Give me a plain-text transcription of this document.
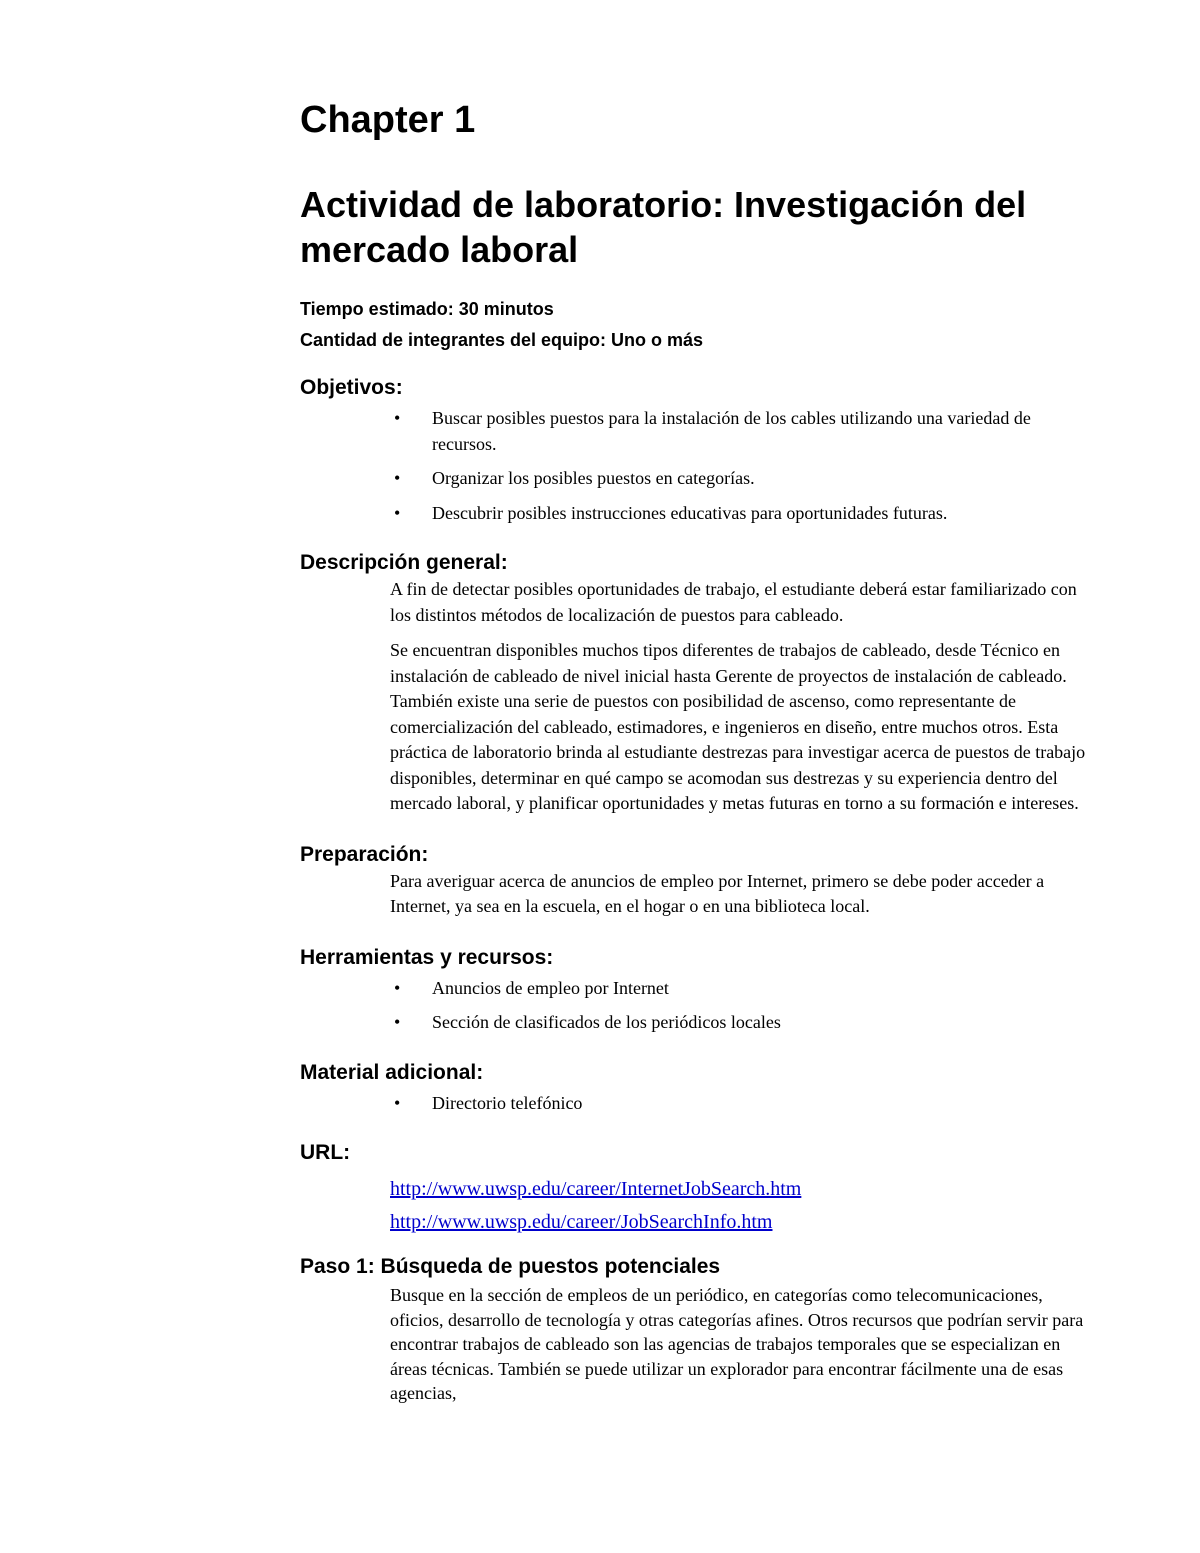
Chapter 1
Actividad de laboratorio: Investigación del mercado laboral

Tiempo estimado: 30 minutos

Cantidad de integrantes del equipo: Uno o más

Objetivos:
• Buscar posibles puestos para la instalación de los cables utilizando una variedad de recursos.
• Organizar los posibles puestos en categorías.
• Descubrir posibles instrucciones educativas para oportunidades futuras.
Descripción general:

A fin de detectar posibles oportunidades de trabajo, el estudiante deberá estar familiarizado con los distintos métodos de localización de puestos para cableado.

Se encuentran disponibles muchos tipos diferentes de trabajos de cableado, desde Técnico en instalación de cableado de nivel inicial hasta Gerente de proyectos de instalación de cableado. También existe una serie de puestos con posibilidad de ascenso, como representante de comercialización del cableado, estimadores, e ingenieros en diseño, entre muchos otros. Esta práctica de laboratorio brinda al estudiante destrezas para investigar acerca de puestos de trabajo disponibles, determinar en qué campo se acomodan sus destrezas y su experiencia dentro del mercado laboral, y planificar oportunidades y metas futuras en torno a su formación e intereses.

Preparación:

Para averiguar acerca de anuncios de empleo por Internet, primero se debe poder acceder a Internet, ya sea en la escuela, en el hogar o en una biblioteca local.

Herramientas y recursos:
• Anuncios de empleo por Internet
• Sección de clasificados de los periódicos locales
Material adicional:
• Directorio telefónico
URL:
http://www.uwsp.edu/career/InternetJobSearch.htm
http://www.uwsp.edu/career/JobSearchInfo.htm
Paso 1: Búsqueda de puestos potenciales
Busque en la sección de empleos de un periódico, en categorías como telecomunicaciones, oficios, desarrollo de tecnología y otras categorías afines. Otros recursos que podrían servir para encontrar trabajos de cableado son las agencias de trabajos temporales que se especializan en áreas técnicas. También se puede utilizar un explorador para encontrar fácilmente una de esas agencias,
